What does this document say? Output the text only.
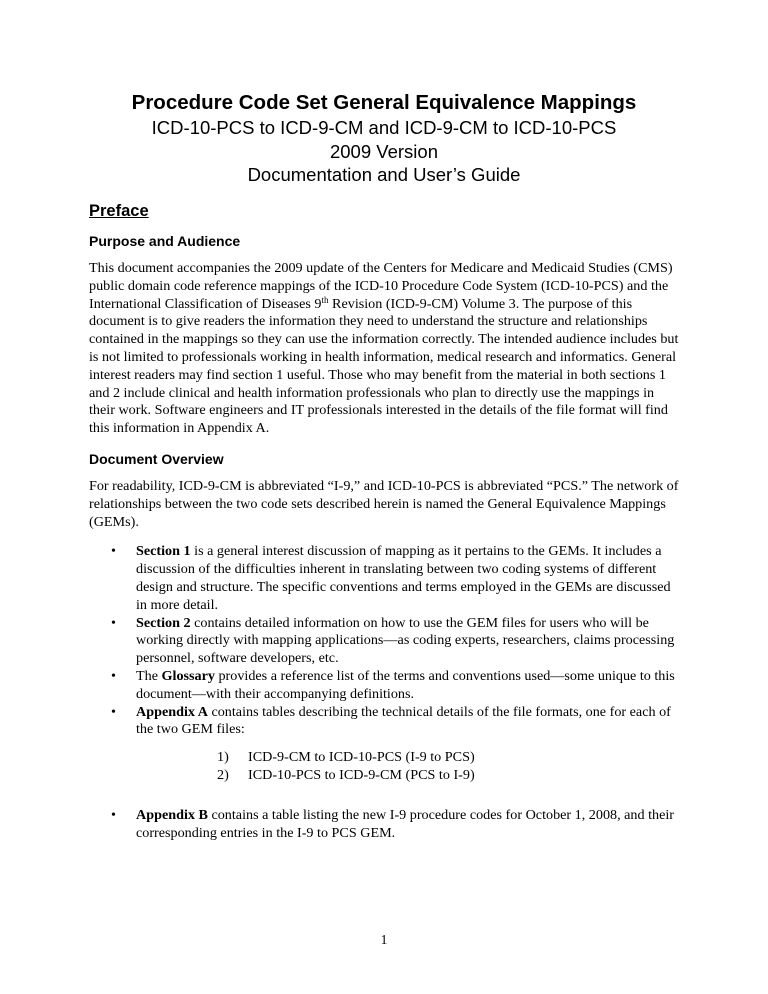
Procedure Code Set General Equivalence Mappings

ICD-10-PCS to ICD-9-CM and ICD-9-CM to ICD-10-PCS

2009 Version

Documentation and User’s Guide

Preface

Purpose and Audience

This document accompanies the 2009 update of the Centers for Medicare and Medicaid Studies (CMS) public domain code reference mappings of the ICD-10 Procedure Code System (ICD-10-PCS) and the International Classification of Diseases 9th Revision (ICD-9-CM) Volume 3. The purpose of this document is to give readers the information they need to understand the structure and relationships contained in the mappings so they can use the information correctly. The intended audience includes but is not limited to professionals working in health information, medical research and informatics. General interest readers may find section 1 useful. Those who may benefit from the material in both sections 1 and 2 include clinical and health information professionals who plan to directly use the mappings in their work. Software engineers and IT professionals interested in the details of the file format will find this information in Appendix A.

Document Overview

For readability, ICD-9-CM is abbreviated “I-9,” and ICD-10-PCS is abbreviated “PCS.” The network of relationships between the two code sets described herein is named the General Equivalence Mappings (GEMs).

• Section 1 is a general interest discussion of mapping as it pertains to the GEMs. It includes a discussion of the difficulties inherent in translating between two coding systems of different design and structure. The specific conventions and terms employed in the GEMs are discussed in more detail.
• Section 2 contains detailed information on how to use the GEM files for users who will be working directly with mapping applications—as coding experts, researchers, claims processing personnel, software developers, etc.
• The Glossary provides a reference list of the terms and conventions used—some unique to this document—with their accompanying definitions.
• Appendix A contains tables describing the technical details of the file formats, one for each of the two GEM files:
1) ICD-9-CM to ICD-10-PCS (I-9 to PCS)
2) ICD-10-PCS to ICD-9-CM (PCS to I-9)
• Appendix B contains a table listing the new I-9 procedure codes for October 1, 2008, and their corresponding entries in the I-9 to PCS GEM.
1
